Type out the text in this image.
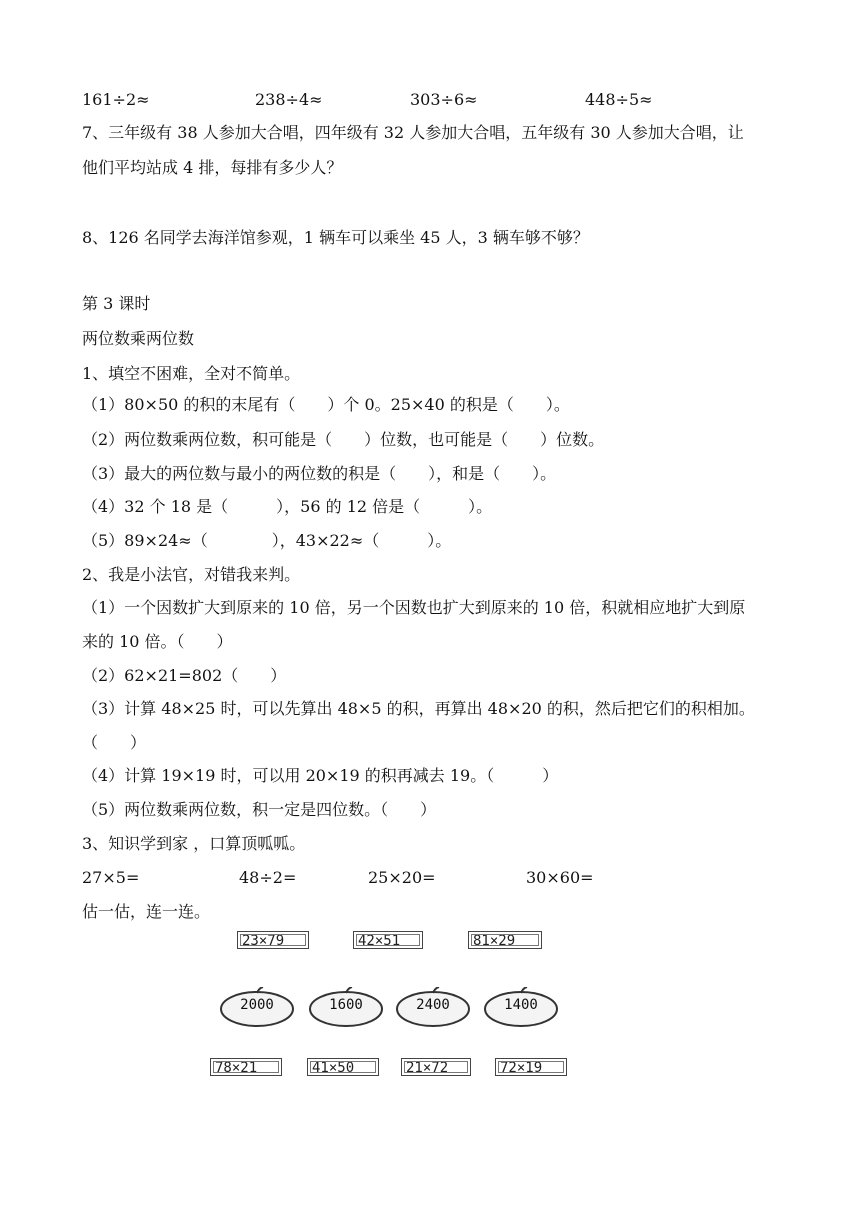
161÷2≈	238÷4≈	303÷6≈	448÷5≈
7、三年级有 38 人参加大合唱，四年级有 32 人参加大合唱，五年级有 30 人参加大合唱，让
他们平均站成 4 排，每排有多少人？
8、126 名同学去海洋馆参观，1 辆车可以乘坐 45 人，3 辆车够不够？
第 3 课时
两位数乘两位数
1、填空不困难，全对不简单。
（1）80×50 的积的末尾有（　　）个 0。25×40 的积是（　　）。
（2）两位数乘两位数，积可能是（　　）位数，也可能是（　　）位数。
（3）最大的两位数与最小的两位数的积是（　　），和是（　　）。
（4）32 个 18 是（　　　），56 的 12 倍是（　　　）。
（5）89×24≈（　　　　），43×22≈（　　　）。
2、我是小法官，对错我来判。
（1）一个因数扩大到原来的 10 倍，另一个因数也扩大到原来的 10 倍，积就相应地扩大到原
来的 10 倍。（　　）
（2）62×21=802（　　）
（3）计算 48×25 时，可以先算出 48×5 的积，再算出 48×20 的积，然后把它们的积相加。
（　　）
（4）计算 19×19 时，可以用 20×19 的积再减去 19。（　　　）
（5）两位数乘两位数，积一定是四位数。（　　）
3、知识学到家 ，口算顶呱呱。
27×5=	48÷2=	25×20=	30×60=
估一估，连一连。
23×79	42×51	81×29
2000	1600	2400	1400
78×21	41×50	21×72	72×19
